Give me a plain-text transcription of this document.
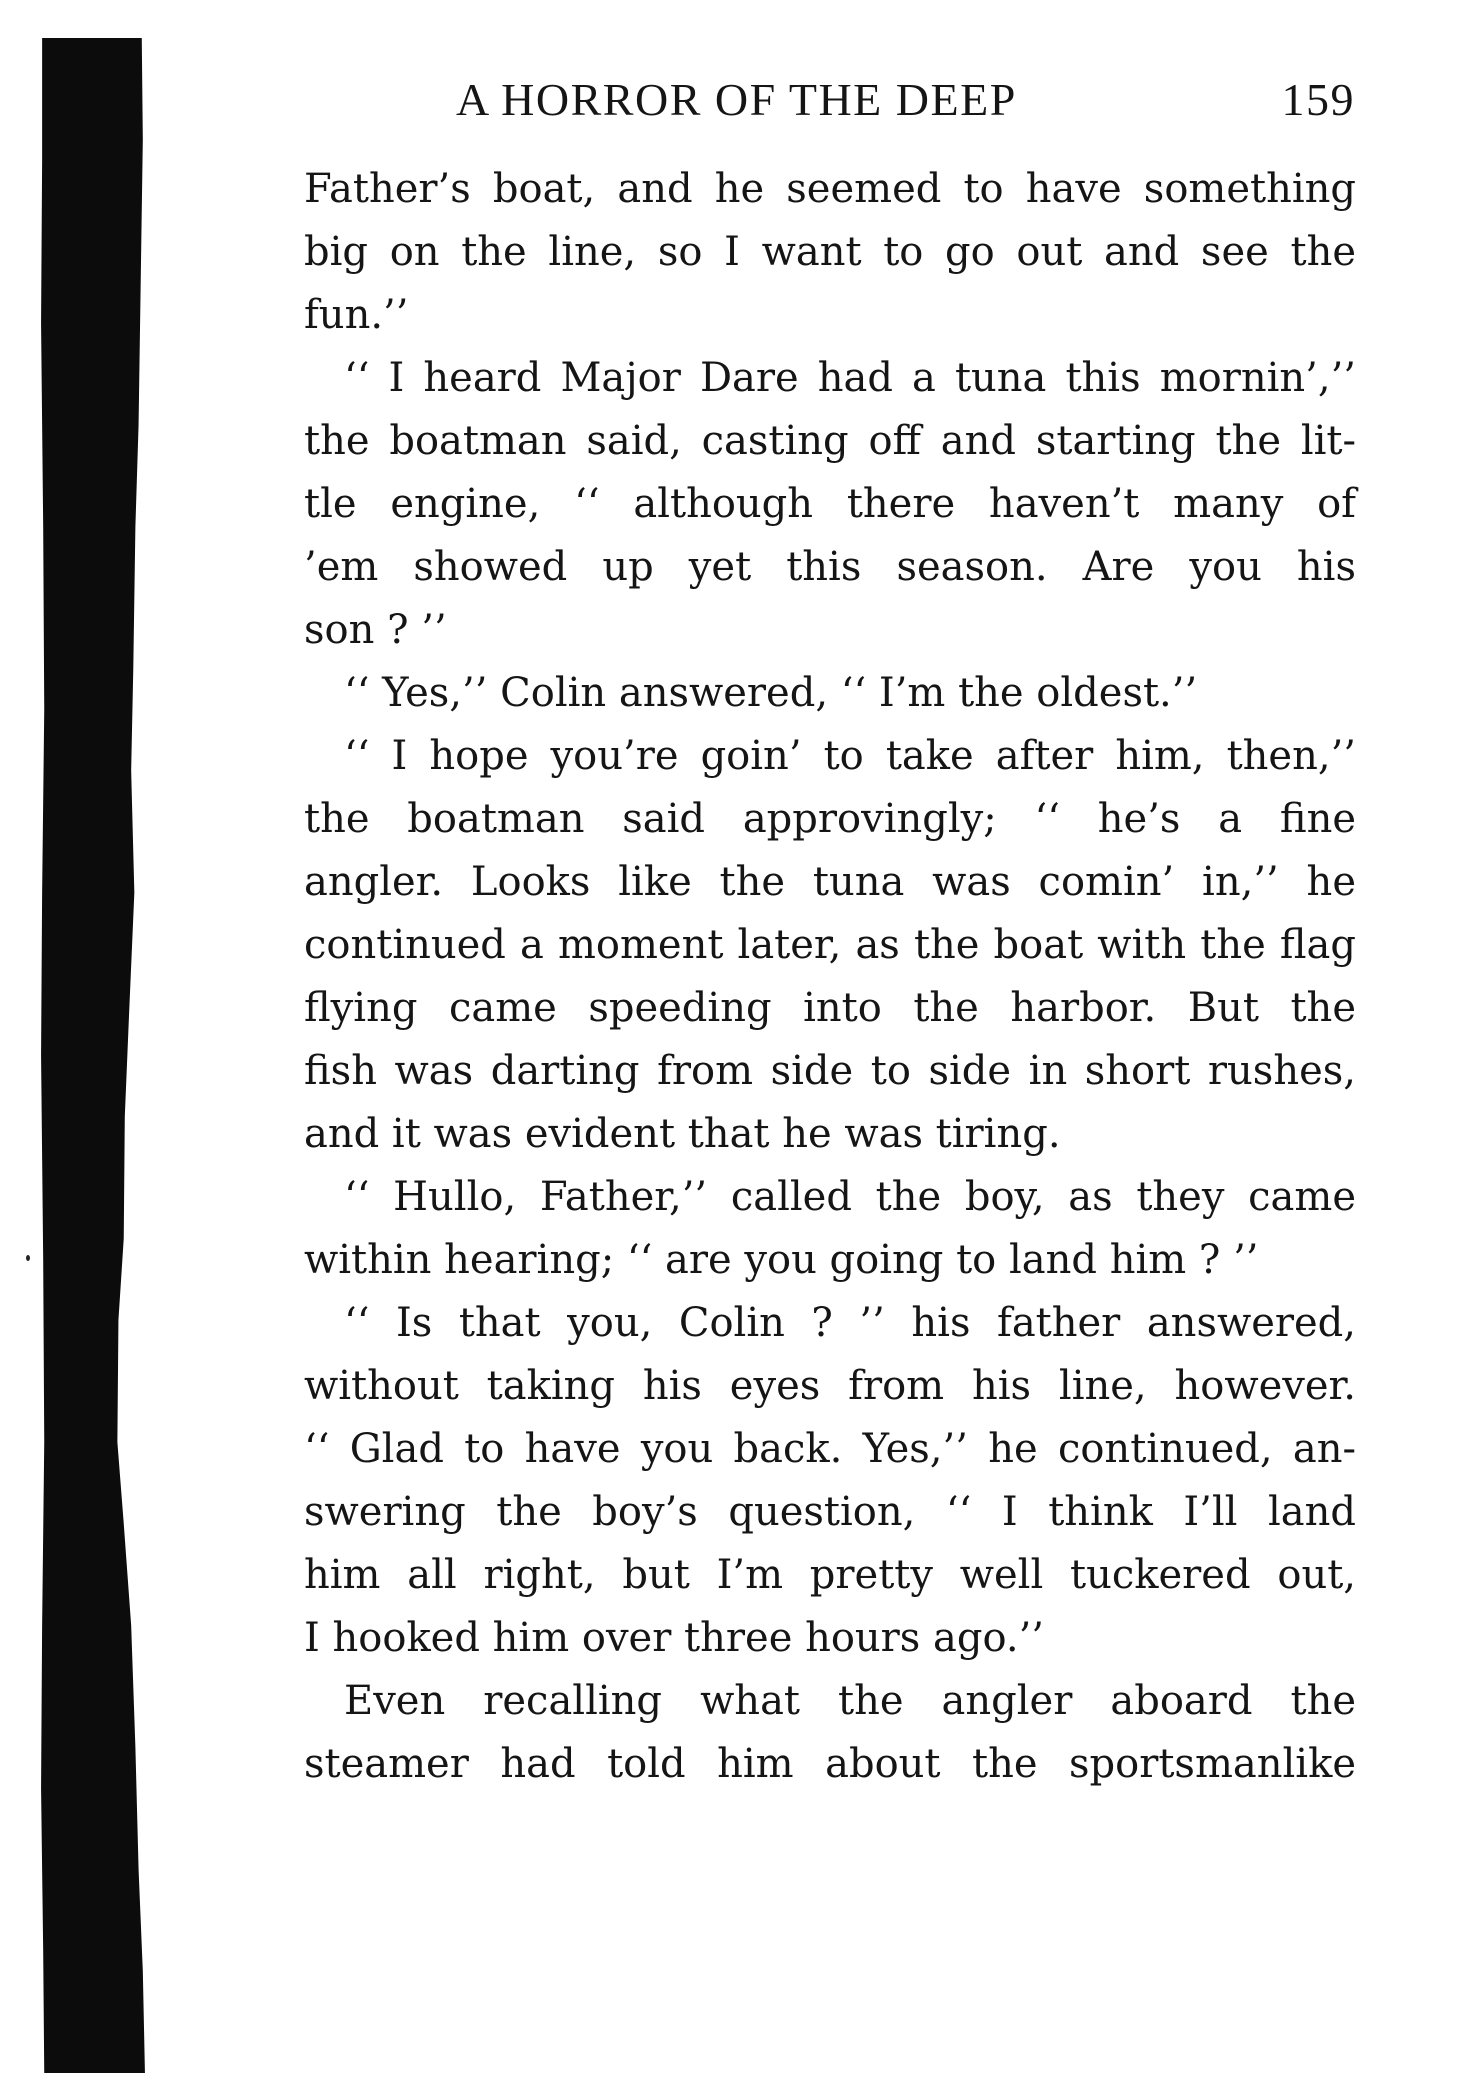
A HORROR OF THE DEEP	159
Father’s boat, and he seemed to have something
big on the line, so I want to go out and see the
fun.’’
‘‘ I heard Major Dare had a tuna this mornin’,’’
the boatman said, casting off and starting the lit-
tle engine, ‘‘ although there haven’t many of
’em showed up yet this season. Are you his
son ? ’’
‘‘ Yes,’’ Colin answered, ‘‘ I’m the oldest.’’
‘‘ I hope you’re goin’ to take after him, then,’’
the boatman said approvingly; ‘‘ he’s a fine
angler. Looks like the tuna was comin’ in,’’ he
continued a moment later, as the boat with the flag
flying came speeding into the harbor. But the
fish was darting from side to side in short rushes,
and it was evident that he was tiring.
‘‘ Hullo, Father,’’ called the boy, as they came
within hearing; ‘‘ are you going to land him ? ’’
‘‘ Is that you, Colin ? ’’ his father answered,
without taking his eyes from his line, however.
‘‘ Glad to have you back. Yes,’’ he continued, an-
swering the boy’s question, ‘‘ I think I’ll land
him all right, but I’m pretty well tuckered out,
I hooked him over three hours ago.’’
Even recalling what the angler aboard the
steamer had told him about the sportsmanlike
